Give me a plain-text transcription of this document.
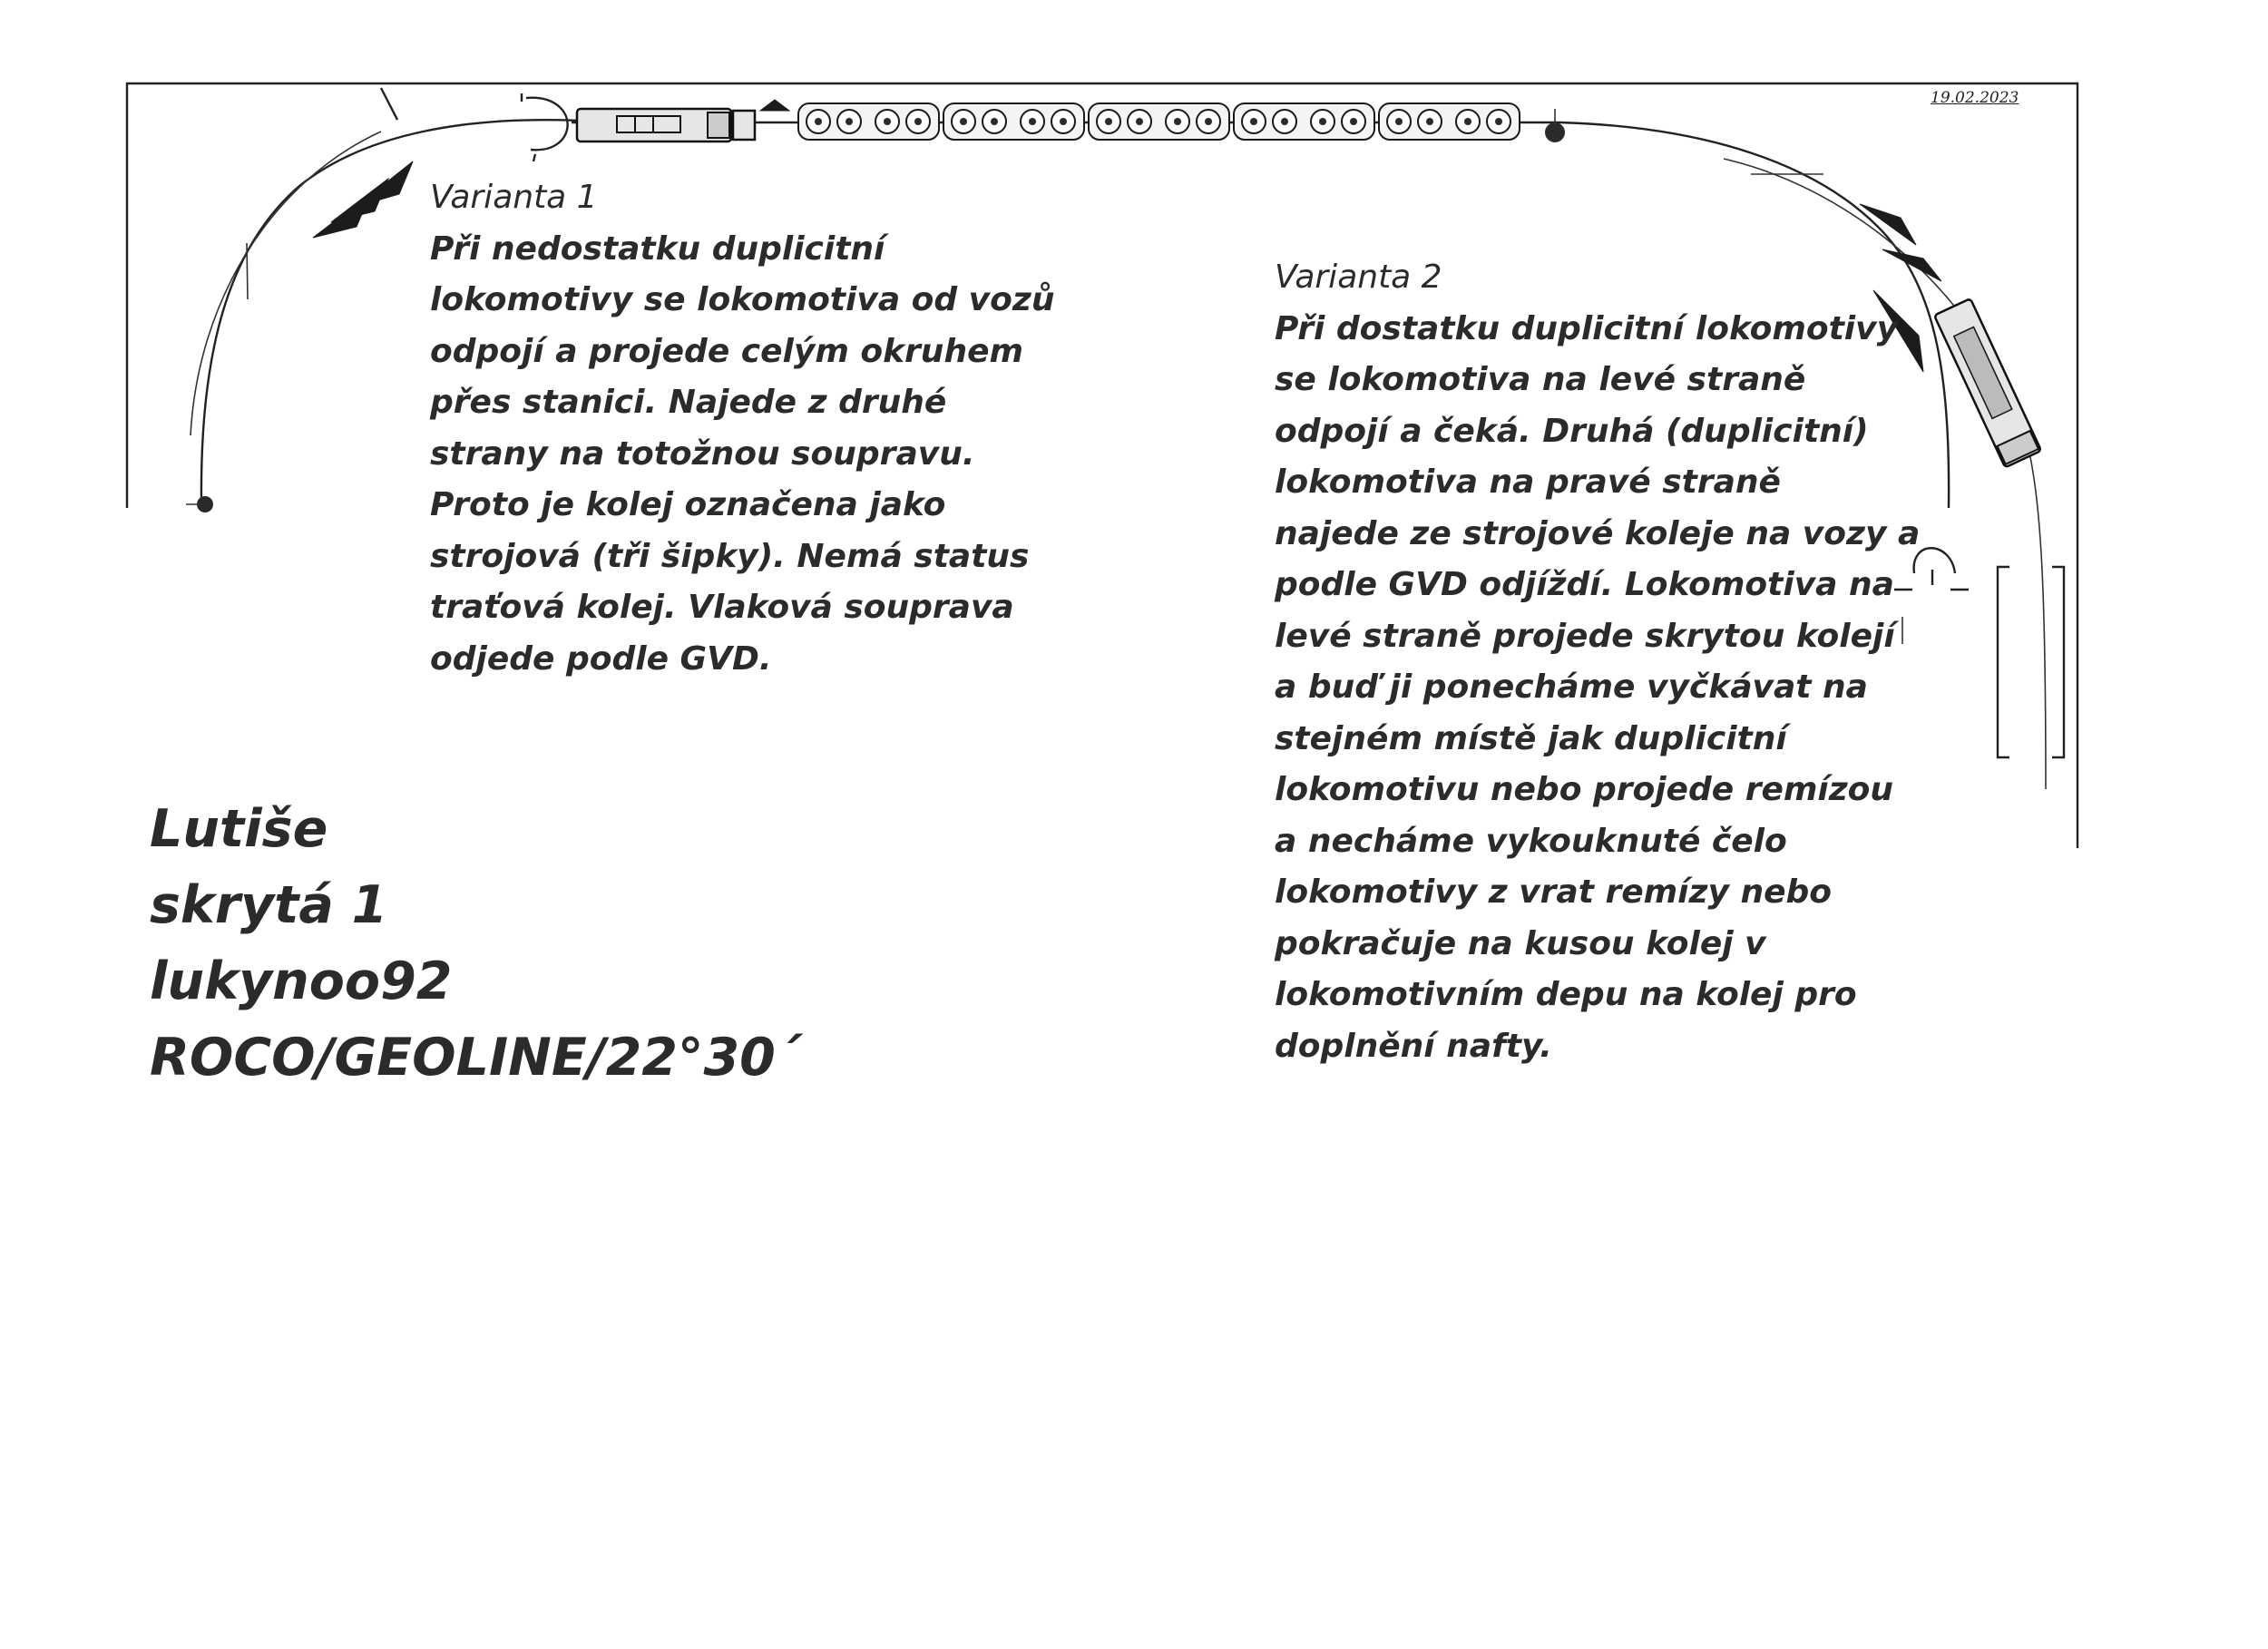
19.02.2023

Varianta 1

Při nedostatku duplicitní

lokomotivy se lokomotiva od vozů

odpojí a projede celým okruhem

přes stanici. Najede z druhé

strany na totožnou soupravu.

Proto je kolej označena jako

strojová (tři šipky). Nemá status

traťová kolej. Vlaková souprava

odjede podle GVD.

Varianta 2

Při dostatku duplicitní lokomotivy

se lokomotiva na levé straně

odpojí a čeká. Druhá (duplicitní)

lokomotiva na pravé straně

najede ze strojové koleje na vozy a

podle GVD odjíždí. Lokomotiva na

levé straně projede skrytou kolejí

a buď ji ponecháme vyčkávat na

stejném místě jak duplicitní

lokomotivu nebo projede remízou

a necháme vykouknuté čelo

lokomotivy z vrat remízy nebo

pokračuje na kusou kolej v

lokomotivním depu na kolej pro

doplnění nafty.

Lutiše

skrytá 1

lukynoo92

ROCO/GEOLINE/22°30´
